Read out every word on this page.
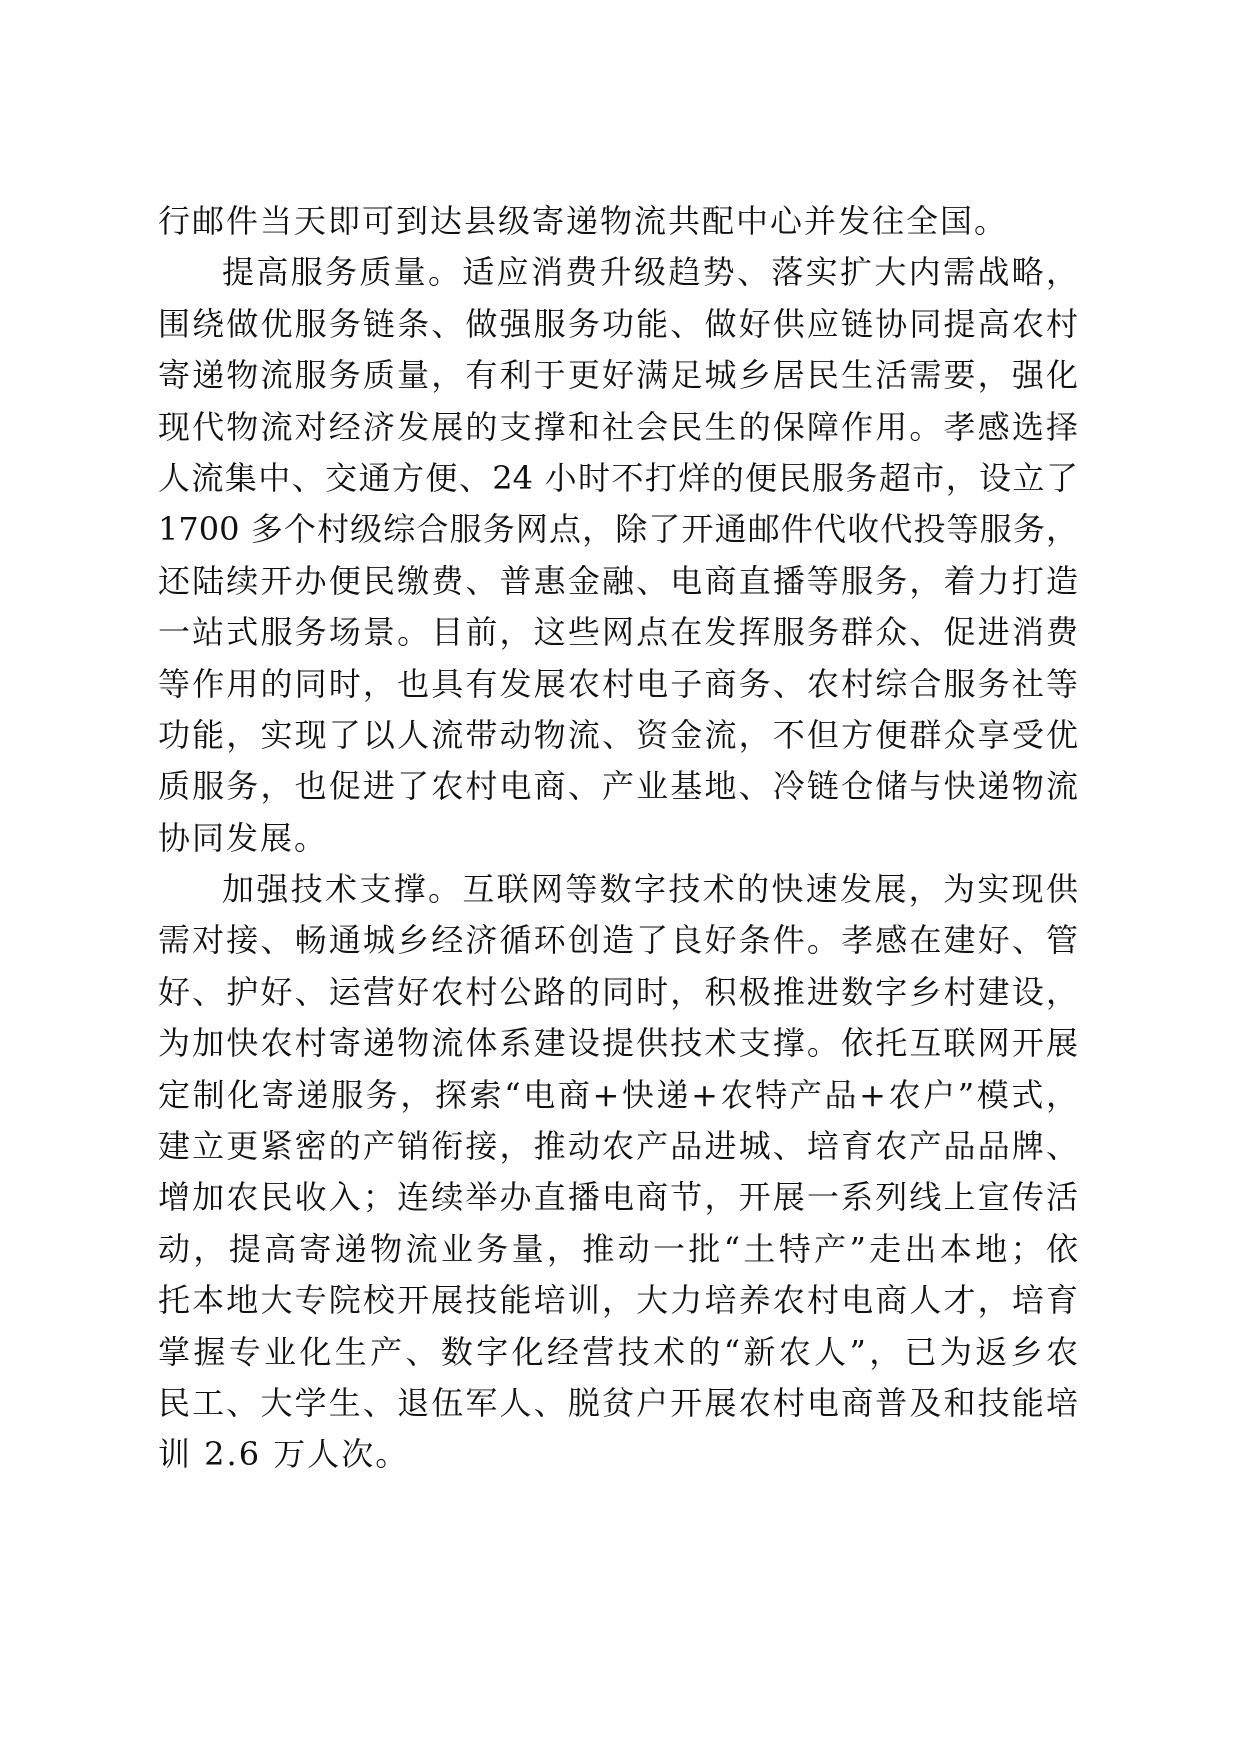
行邮件当天即可到达县级寄递物流共配中心并发往全国。
提高服务质量。适应消费升级趋势、落实扩大内需战略，
围绕做优服务链条、做强服务功能、做好供应链协同提高农村
寄递物流服务质量，有利于更好满足城乡居民生活需要，强化
现代物流对经济发展的支撑和社会民生的保障作用。孝感选择
人流集中、交通方便、24 小时不打烊的便民服务超市，设立了
1700 多个村级综合服务网点，除了开通邮件代收代投等服务，
还陆续开办便民缴费、普惠金融、电商直播等服务，着力打造
一站式服务场景。目前，这些网点在发挥服务群众、促进消费
等作用的同时，也具有发展农村电子商务、农村综合服务社等
功能，实现了以人流带动物流、资金流，不但方便群众享受优
质服务，也促进了农村电商、产业基地、冷链仓储与快递物流
协同发展。
加强技术支撑。互联网等数字技术的快速发展，为实现供
需对接、畅通城乡经济循环创造了良好条件。孝感在建好、管
好、护好、运营好农村公路的同时，积极推进数字乡村建设，
为加快农村寄递物流体系建设提供技术支撑。依托互联网开展
定制化寄递服务，探索“电商+快递+农特产品+农户”模式，
建立更紧密的产销衔接，推动农产品进城、培育农产品品牌、
增加农民收入；连续举办直播电商节，开展一系列线上宣传活
动，提高寄递物流业务量，推动一批“土特产”走出本地；依
托本地大专院校开展技能培训，大力培养农村电商人才，培育
掌握专业化生产、数字化经营技术的“新农人”，已为返乡农
民工、大学生、退伍军人、脱贫户开展农村电商普及和技能培
训 2.6 万人次。
